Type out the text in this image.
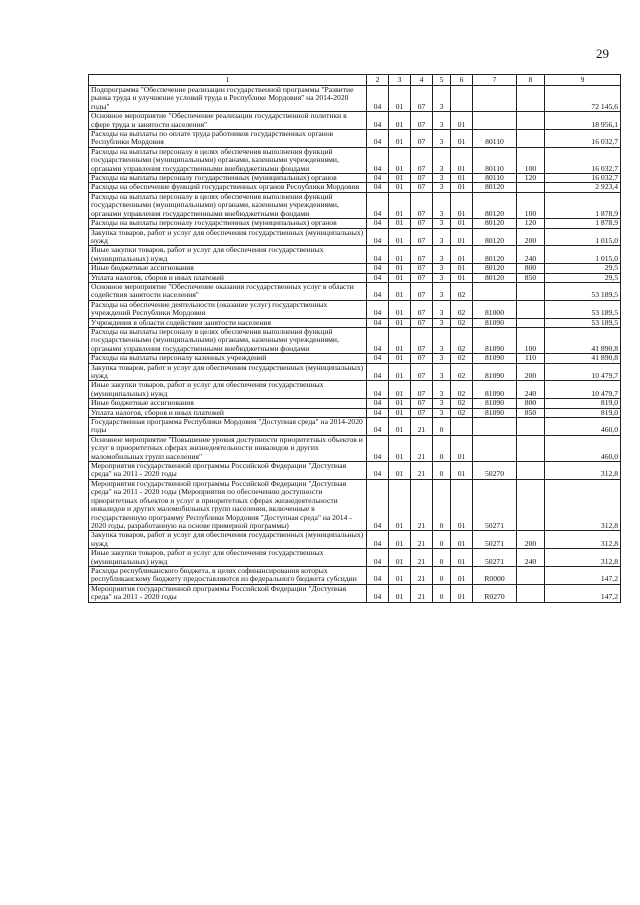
29
1	2	3	4	5	6	7	8	9
Подпрограмма "Обеспечение реализации государственной программы "Развитие рынка труда и улучшение условий труда в Республике Мордовия" на 2014-2020 годы"	04	01	07	3				72 145,6
Основное мероприятие "Обеспечение реализации государственной политики в сфере труда и занятости населения"	04	01	07	3	01			18 956,1
Расходы на выплаты по оплате труда работников государственных органов Республики Мордовия	04	01	07	3	01	80110		16 032,7
Расходы на выплаты персоналу в целях обеспечения выполнения функций государственными (муниципальными) органами, казенными учреждениями, органами управления государственными внебюджетными фондами	04	01	07	3	01	80110	100	16 032,7
Расходы на выплаты персоналу государственных (муниципальных) органов	04	01	07	3	01	80110	120	16 032,7
Расходы на обеспечение функций государственных органов Республики Мордовия	04	01	07	3	01	80120		2 923,4
Расходы на выплаты персоналу в целях обеспечения выполнения функций государственными (муниципальными) органами, казенными учреждениями, органами управления государственными внебюджетными фондами	04	01	07	3	01	80120	100	1 878,9
Расходы на выплаты персоналу государственных (муниципальных) органов	04	01	07	3	01	80120	120	1 878,9
Закупка товаров, работ и услуг для обеспечения государственных (муниципальных) нужд	04	01	07	3	01	80120	200	1 015,0
Иные закупки товаров, работ и услуг для обеспечения государственных (муниципальных) нужд	04	01	07	3	01	80120	240	1 015,0
Иные бюджетные ассигнования	04	01	07	3	01	80120	800	29,5
Уплата налогов, сборов и иных платежей	04	01	07	3	01	80120	850	29,5
Основное мероприятие "Обеспечение оказания государственных услуг в области содействия занятости населения"	04	01	07	3	02			53 189,5
Расходы на обеспечение деятельности (оказание услуг) государственных учреждений Республики Мордовия	04	01	07	3	02	81000		53 189,5
Учреждения в области содействия занятости населения	04	01	07	3	02	81090		53 189,5
Расходы на выплаты персоналу в целях обеспечения выполнения функций государственными (муниципальными) органами, казенными учреждениями, органами управления государственными внебюджетными фондами	04	01	07	3	02	81090	100	41 890,8
Расходы на выплаты персоналу казенных учреждений	04	01	07	3	02	81090	110	41 890,8
Закупка товаров, работ и услуг для обеспечения государственных (муниципальных) нужд	04	01	07	3	02	81090	200	10 479,7
Иные закупки товаров, работ и услуг для обеспечения государственных (муниципальных) нужд	04	01	07	3	02	81090	240	10 479,7
Иные бюджетные ассигнования	04	01	07	3	02	81090	800	819,0
Уплата налогов, сборов и иных платежей	04	01	07	3	02	81090	850	819,0
Государственная программа Республики Мордовия "Доступная среда" на 2014-2020 годы	04	01	21	0				460,0
Основное мероприятие "Повышение уровня доступности приоритетных объектов и услуг в приоритетных сферах жизнедеятельности инвалидов и других маломобильных групп населения"	04	01	21	0	01			460,0
Мероприятия государственной программы Российской Федерации "Доступная среда" на 2011 - 2020 годы	04	01	21	0	01	50270		312,8
Мероприятия государственной программы Российской Федерации "Доступная среда" на 2011 - 2020 годы (Мероприятия по обеспечению доступности приоритетных объектов и услуг в приоритетных сферах жизнедеятельности инвалидов и других маломобильных групп населения, включенные в государственную программу Республики Мордовия "Доступная среда" на 2014 - 2020 годы, разработанную на основе примерной программы)	04	01	21	0	01	50271		312,8
Закупка товаров, работ и услуг для обеспечения государственных (муниципальных) нужд	04	01	21	0	01	50271	200	312,8
Иные закупки товаров, работ и услуг для обеспечения государственных (муниципальных) нужд	04	01	21	0	01	50271	240	312,8
Расходы республиканского бюджета, в целях софинансирования которых республиканскому бюджету предоставляются из федерального бюджета субсидии	04	01	21	0	01	R0000		147,2
Мероприятия государственной программы Российской Федерации "Доступная среда" на 2011 - 2020 годы	04	01	21	0	01	R0270		147,2
